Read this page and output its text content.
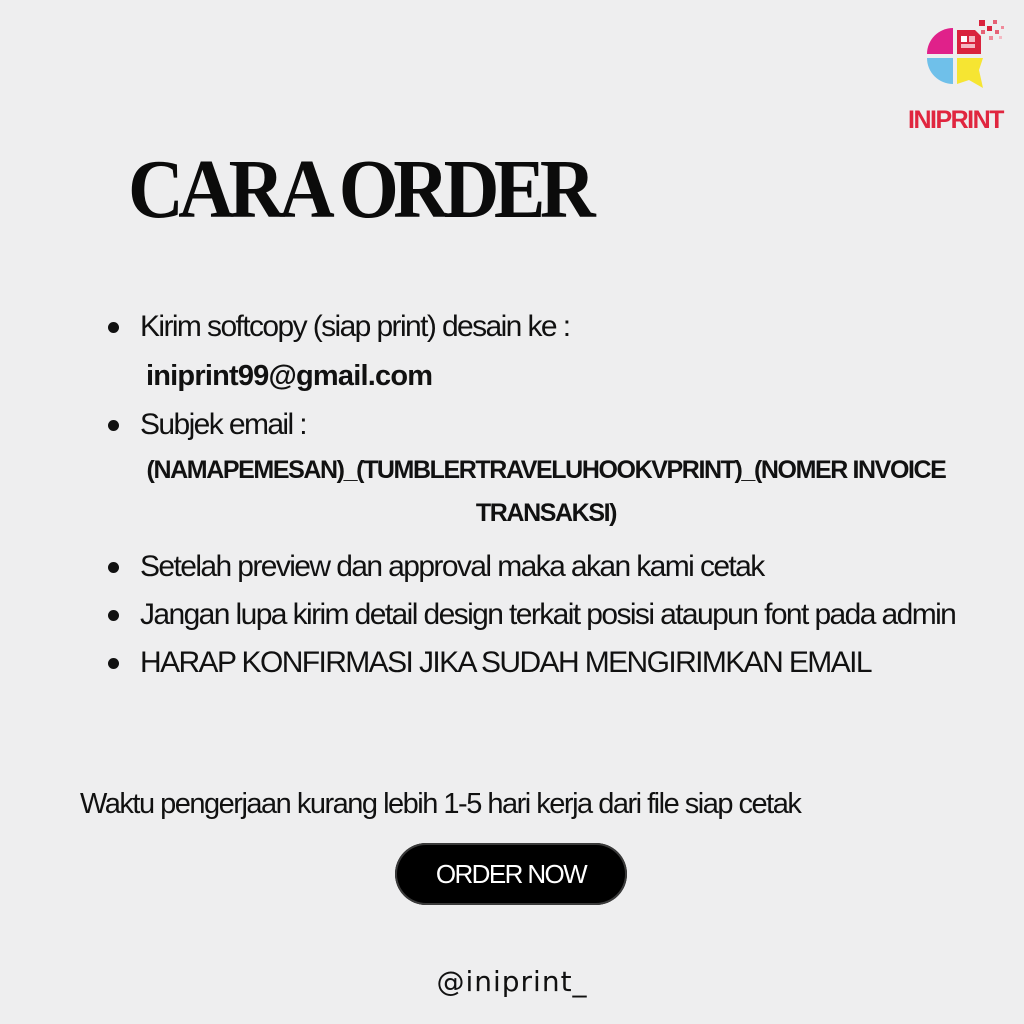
INIPRINT
CARA ORDER
Kirim softcopy (siap print) desain ke :
iniprint99@gmail.com
Subjek email :
(NAMAPEMESAN)_(TUMBLERTRAVELUHOOKVPRINT)_(NOMER INVOICE TRANSAKSI)
Setelah preview dan approval maka akan kami cetak
Jangan lupa kirim detail design terkait posisi ataupun font pada admin
HARAP KONFIRMASI JIKA SUDAH MENGIRIMKAN EMAIL
Waktu pengerjaan kurang lebih 1-5 hari kerja dari file siap cetak
ORDER NOW
@iniprint_
